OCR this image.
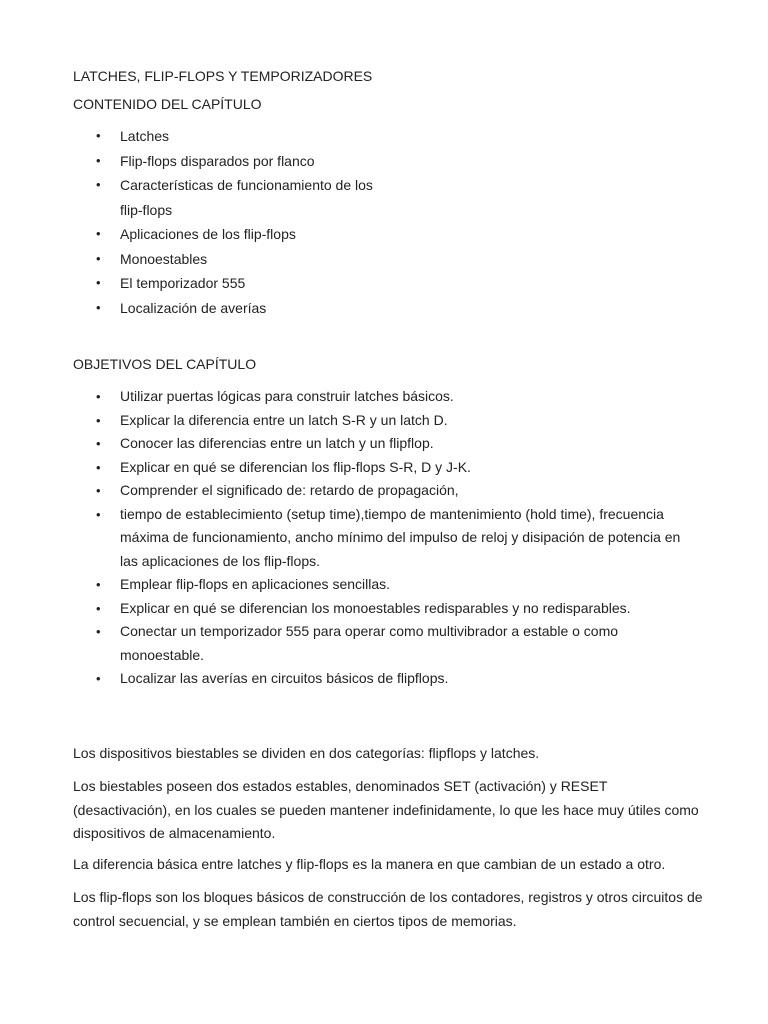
LATCHES, FLIP-FLOPS Y TEMPORIZADORES
CONTENIDO DEL CAPÍTULO
• Latches
• Flip-flops disparados por flanco
• Características de funcionamiento de los flip-flops
• Aplicaciones de los flip-flops
• Monoestables
• El temporizador 555
• Localización de averías
OBJETIVOS DEL CAPÍTULO
• Utilizar puertas lógicas para construir latches básicos.
• Explicar la diferencia entre un latch S-R y un latch D.
• Conocer las diferencias entre un latch y un flipflop.
• Explicar en qué se diferencian los flip-flops S-R, D y J-K.
• Comprender el significado de: retardo de propagación,
• tiempo de establecimiento (setup time),tiempo de mantenimiento (hold time), frecuencia máxima de funcionamiento, ancho mínimo del impulso de reloj y disipación de potencia en las aplicaciones de los flip-flops.
• Emplear flip-flops en aplicaciones sencillas.
• Explicar en qué se diferencian los monoestables redisparables y no redisparables.
• Conectar un temporizador 555 para operar como multivibrador a estable o como monoestable.
• Localizar las averías en circuitos básicos de flipflops.

Los dispositivos biestables se dividen en dos categorías: flipflops y latches.

Los biestables poseen dos estados estables, denominados SET (activación) y RESET (desactivación), en los cuales se pueden mantener indefinidamente, lo que les hace muy útiles como dispositivos de almacenamiento.

La diferencia básica entre latches y flip-flops es la manera en que cambian de un estado a otro.

Los flip-flops son los bloques básicos de construcción de los contadores, registros y otros circuitos de control secuencial, y se emplean también en ciertos tipos de memorias.
